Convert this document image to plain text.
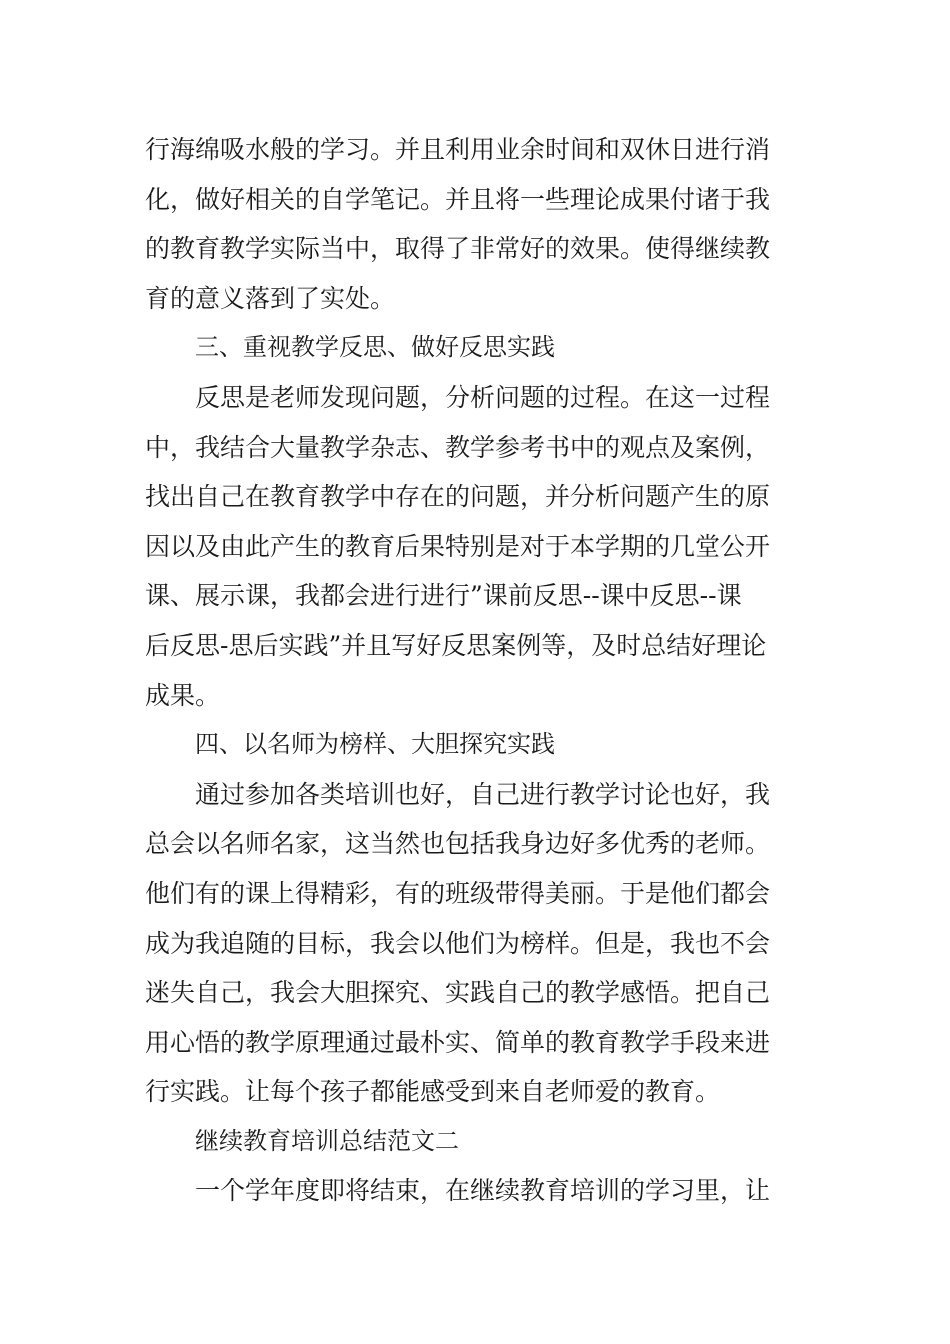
行海绵吸水般的学习。并且利用业余时间和双休日进行消
化，做好相关的自学笔记。并且将一些理论成果付诸于我
的教育教学实际当中，取得了非常好的效果。使得继续教
育的意义落到了实处。
三、重视教学反思、做好反思实践
反思是老师发现问题，分析问题的过程。在这一过程
中，我结合大量教学杂志、教学参考书中的观点及案例，
找出自己在教育教学中存在的问题，并分析问题产生的原
因以及由此产生的教育后果特别是对于本学期的几堂公开
课、展示课，我都会进行进行”课前反思--课中反思--课
后反思-思后实践”并且写好反思案例等，及时总结好理论
成果。
四、以名师为榜样、大胆探究实践
通过参加各类培训也好，自己进行教学讨论也好，我
总会以名师名家，这当然也包括我身边好多优秀的老师。
他们有的课上得精彩，有的班级带得美丽。于是他们都会
成为我追随的目标，我会以他们为榜样。但是，我也不会
迷失自己，我会大胆探究、实践自己的教学感悟。把自己
用心悟的教学原理通过最朴实、简单的教育教学手段来进
行实践。让每个孩子都能感受到来自老师爱的教育。
继续教育培训总结范文二
一个学年度即将结束，在继续教育培训的学习里，让
